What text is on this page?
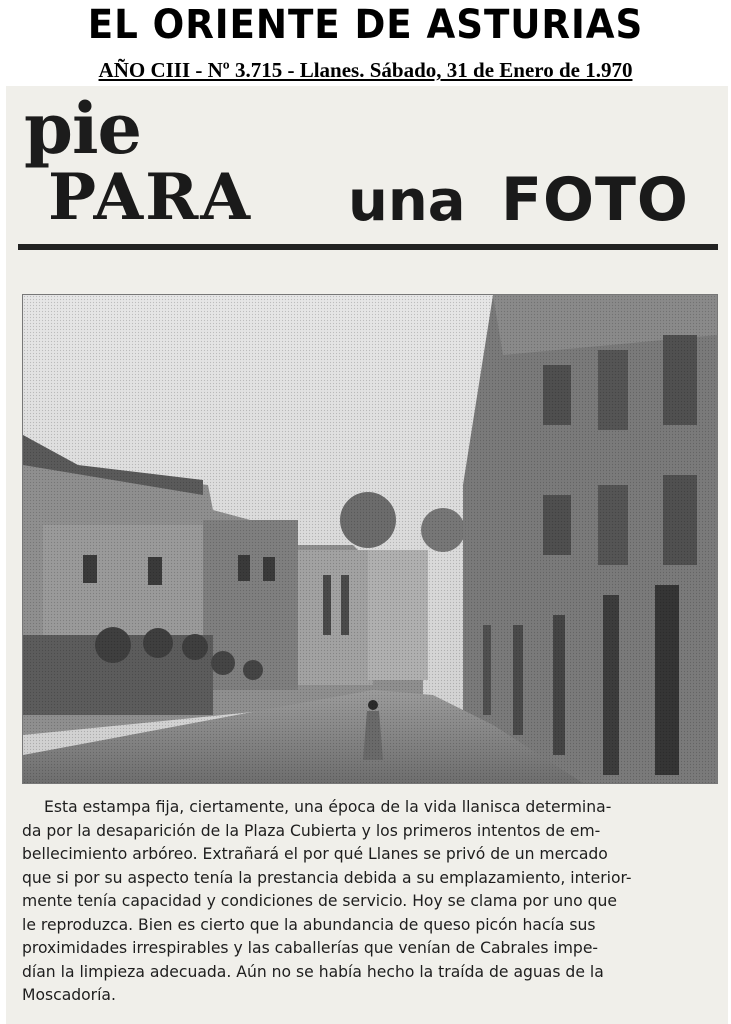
EL ORIENTE DE ASTURIAS
AÑO CIII - Nº 3.715 - Llanes. Sábado, 31 de Enero de 1.970
pie
PARA una FOTO
Esta estampa fija, ciertamente, una época de la vida llanisca determina-
da por la desaparición de la Plaza Cubierta y los primeros intentos de em-
bellecimiento arbóreo. Extrañará el por qué Llanes se privó de un mercado
que si por su aspecto tenía la prestancia debida a su emplazamiento, interior-
mente tenía capacidad y condiciones de servicio. Hoy se clama por uno que
le reproduzca. Bien es cierto que la abundancia de queso picón hacía sus
proximidades irrespirables y las caballerías que venían de Cabrales impe-
dían la limpieza adecuada. Aún no se había hecho la traída de aguas de la
Moscadoría.
